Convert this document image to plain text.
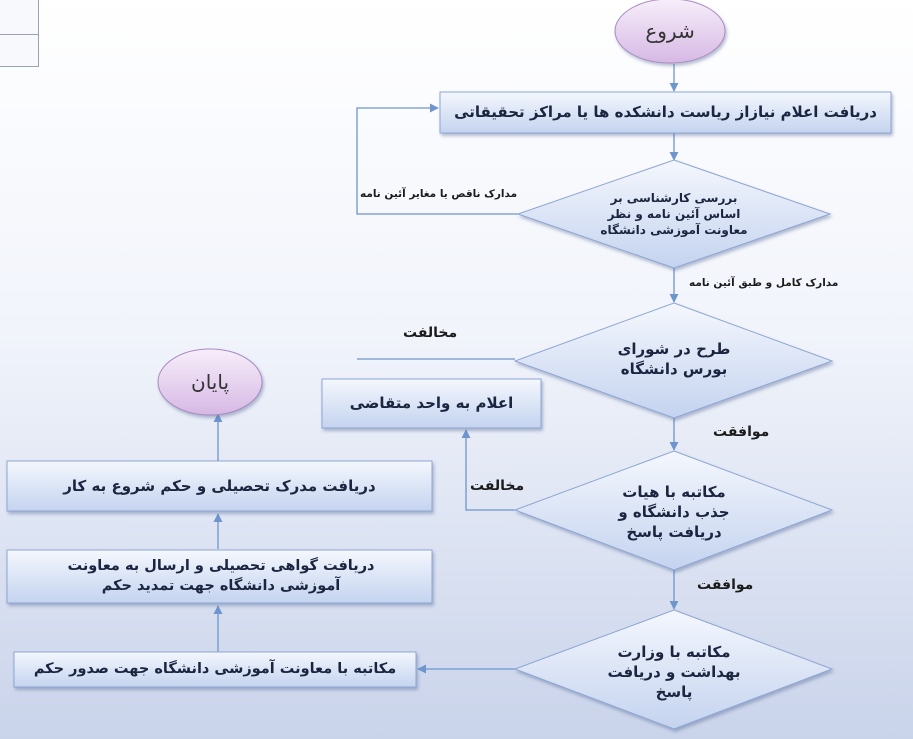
شروع
پایان
دریافت اعلام نیازاز ریاست دانشکده ها یا مراکز تحقیقاتی
بررسی کارشناسی بر اساس آئین نامه و نظر معاونت آموزشی دانشگاه
طرح در شورای بورس دانشگاه
اعلام به واحد متقاضی
مکاتبه با هیات جذب دانشگاه و دریافت پاسخ
مکاتبه با وزارت بهداشت و دریافت پاسخ
مکاتبه با معاونت آموزشی دانشگاه جهت صدور حکم
دریافت گواهی تحصیلی و ارسال به معاونت آموزشی دانشگاه جهت تمدید حکم
دریافت مدرک تحصیلی و حکم شروع به کار
مدارک ناقص یا مغایر آئین نامه
مدارک کامل و طبق آئین نامه
مخالفت
موافقت
مخالفت
موافقت
